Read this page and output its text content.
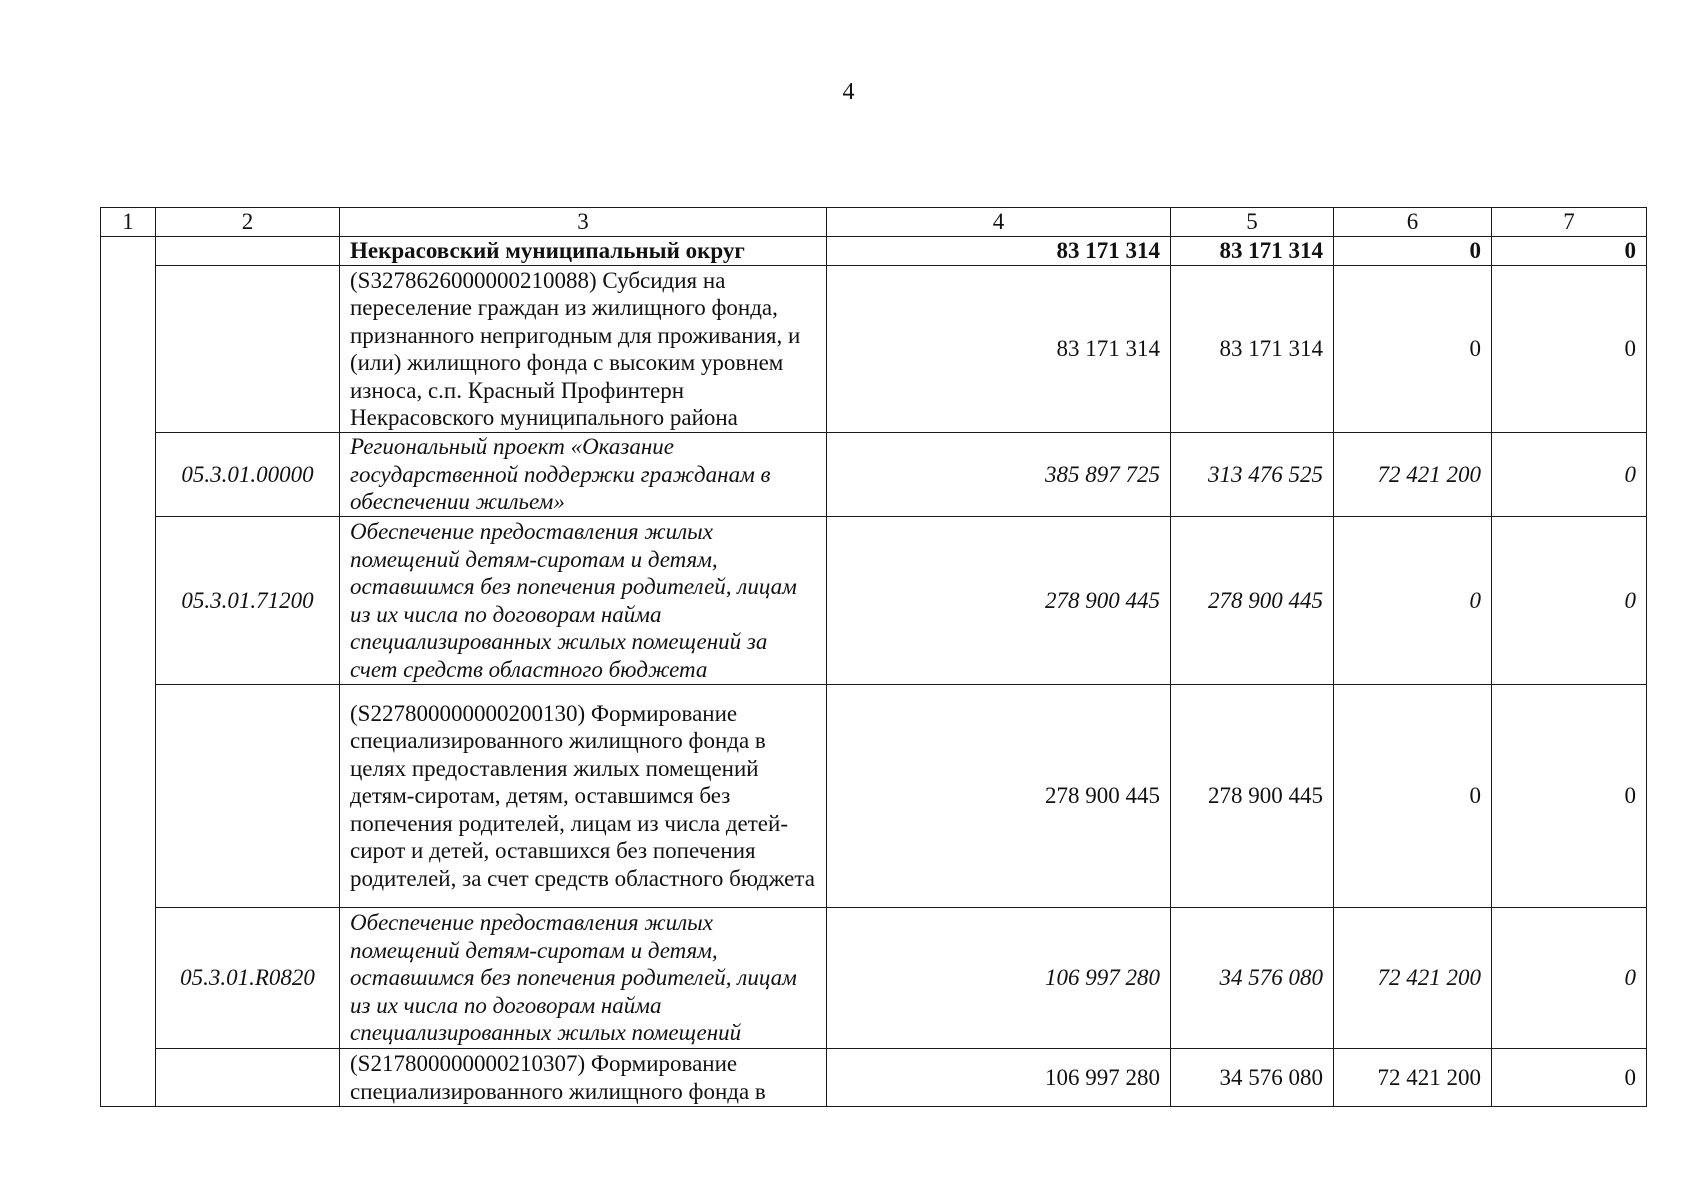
4
1	2	3	4	5	6	7
		Некрасовский муниципальный округ	83 171 314	83 171 314	0	0
		(S3278626000000210088) Субсидия на переселение граждан из жилищного фонда, признанного непригодным для проживания, и (или) жилищного фонда с высоким уровнем износа, с.п. Красный Профинтерн Некрасовского муниципального района	83 171 314	83 171 314	0	0
	05.3.01.00000	Региональный проект «Оказание государственной поддержки гражданам в обеспечении жильем»	385 897 725	313 476 525	72 421 200	0
	05.3.01.71200	Обеспечение предоставления жилых помещений детям-сиротам и детям, оставшимся без попечения родителей, лицам из их числа по договорам найма специализированных жилых помещений за счет средств областного бюджета	278 900 445	278 900 445	0	0
		(S227800000000200130) Формирование специализированного жилищного фонда в целях предоставления жилых помещений детям-сиротам, детям, оставшимся без попечения родителей, лицам из числа детей-сирот и детей, оставшихся без попечения родителей, за счет средств областного бюджета	278 900 445	278 900 445	0	0
	05.3.01.R0820	Обеспечение предоставления жилых помещений детям-сиротам и детям, оставшимся без попечения родителей, лицам из их числа по договорам найма специализированных жилых помещений	106 997 280	34 576 080	72 421 200	0

		(S217800000000210307) Формирование специализированного жилищного фонда в	106 997 280	34 576 080	72 421 200	0
